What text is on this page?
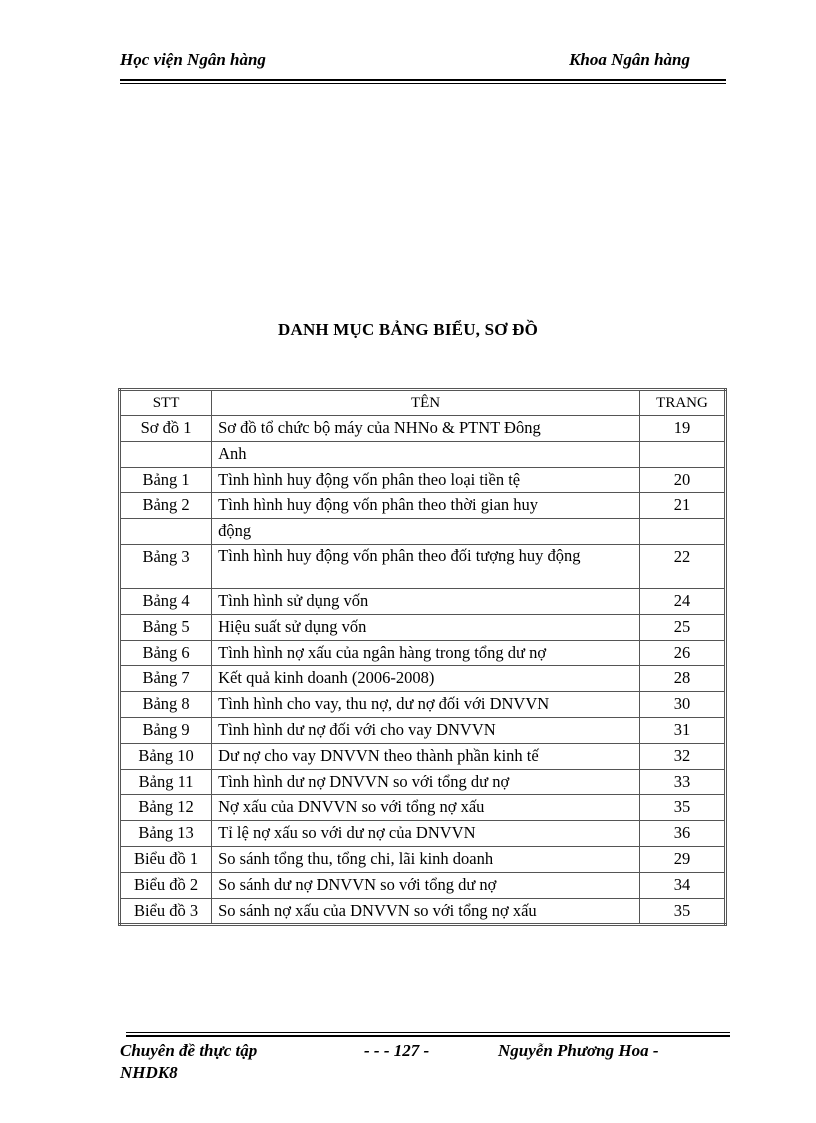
Học viện Ngân hàng	Khoa Ngân hàng
DANH MỤC BẢNG BIỂU, SƠ ĐỒ
STT	TÊN	TRANG
Sơ đồ 1	Sơ đồ tổ chức bộ máy của NHNo & PTNT Đông	19
	Anh	
Bảng 1	Tình hình huy động vốn phân theo loại tiền tệ	20
Bảng 2	Tình hình huy động vốn phân theo thời gian huy	21
	động	
Bảng 3	Tình hình huy động vốn phân theo đối tượng huy động	22
Bảng 4	Tình hình sử dụng vốn	24
Bảng 5	Hiệu suất sử dụng vốn	25
Bảng 6	Tình hình nợ xấu của ngân hàng trong tổng dư nợ	26
Bảng 7	Kết quả kinh doanh (2006-2008)	28
Bảng 8	Tình hình cho vay, thu nợ, dư nợ đối với DNVVN	30
Bảng 9	Tình hình dư nợ đối với cho vay DNVVN	31
Bảng 10	Dư nợ cho vay DNVVN theo thành phần kinh tế	32
Bảng 11	Tình hình dư nợ DNVVN so với tổng dư nợ	33
Bảng 12	Nợ xấu của DNVVN so với tổng nợ xấu	35
Bảng 13	Tỉ lệ nợ xấu so với dư nợ của DNVVN	36
Biểu đồ 1	So sánh tổng thu, tổng chi, lãi kinh doanh	29
Biểu đồ 2	So sánh dư nợ DNVVN so với tổng dư nợ	34
Biểu đồ 3	So sánh nợ xấu của DNVVN so với tổng nợ xấu	35
Chuyên đề thực tập	- - - 127 -	Nguyễn Phương Hoa -
NHDK8
